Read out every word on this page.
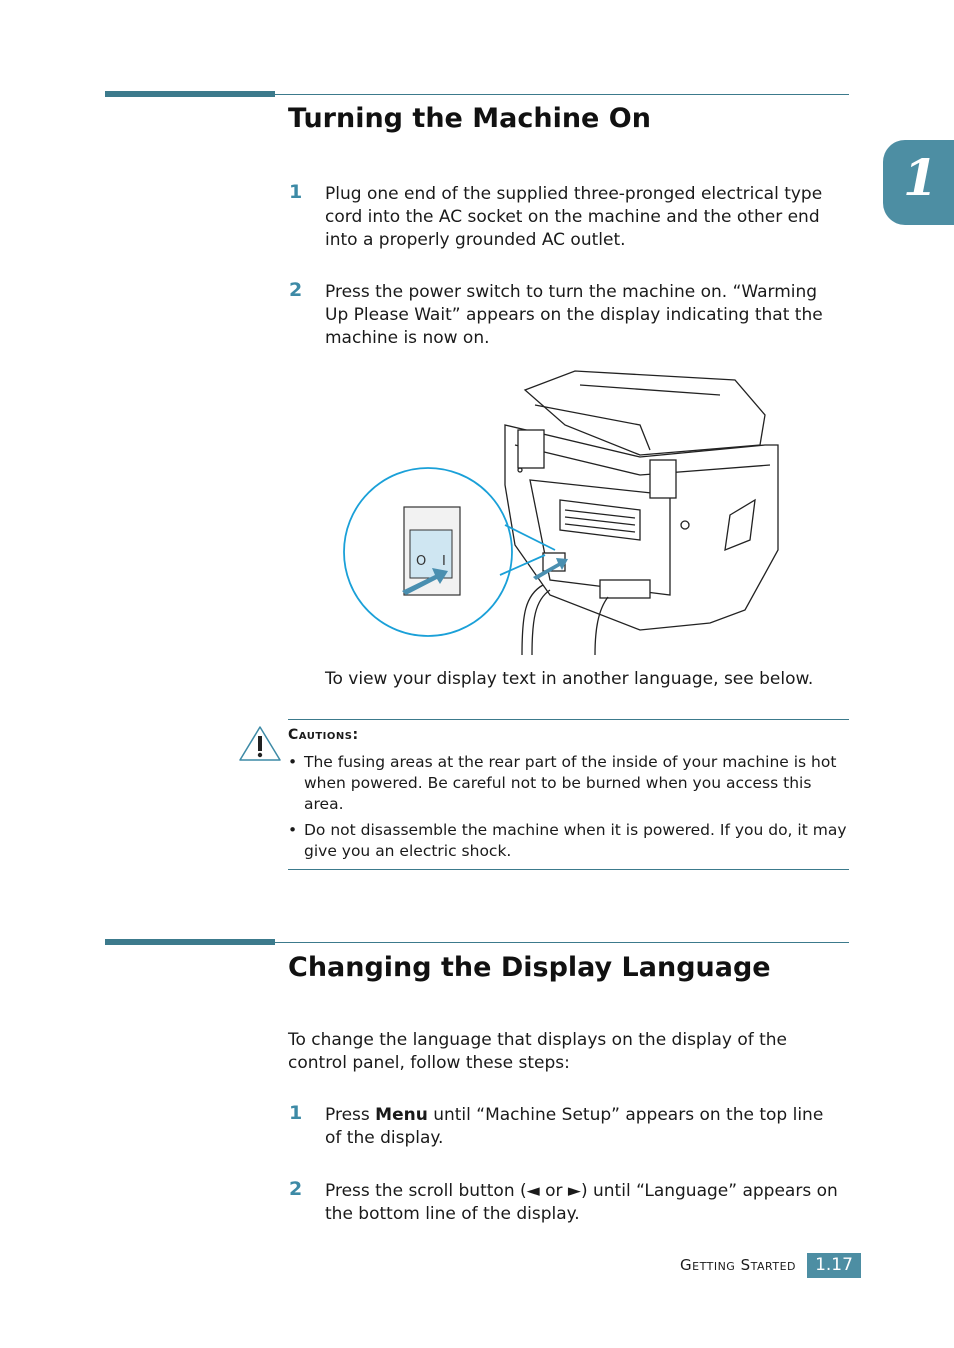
1
Turning the Machine On
1 Plug one end of the supplied three-pronged electrical type cord into the AC socket on the machine and the other end into a properly grounded AC outlet.
2 Press the power switch to turn the machine on. “Warming Up Please Wait” appears on the display indicating that the machine is now on.
O I
To view your display text in another language, see below.
Cautions:
• The fusing areas at the rear part of the inside of your machine is hot when powered. Be careful not to be burned when you access this area.
• Do not disassemble the machine when it is powered. If you do, it may give you an electric shock.
Changing the Display Language
To change the language that displays on the display of the control panel, follow these steps:
1 Press Menu until “Machine Setup” appears on the top line of the display.
2 Press the scroll button (◄ or ►) until “Language” appears on the bottom line of the display.
Getting Started	1.17
